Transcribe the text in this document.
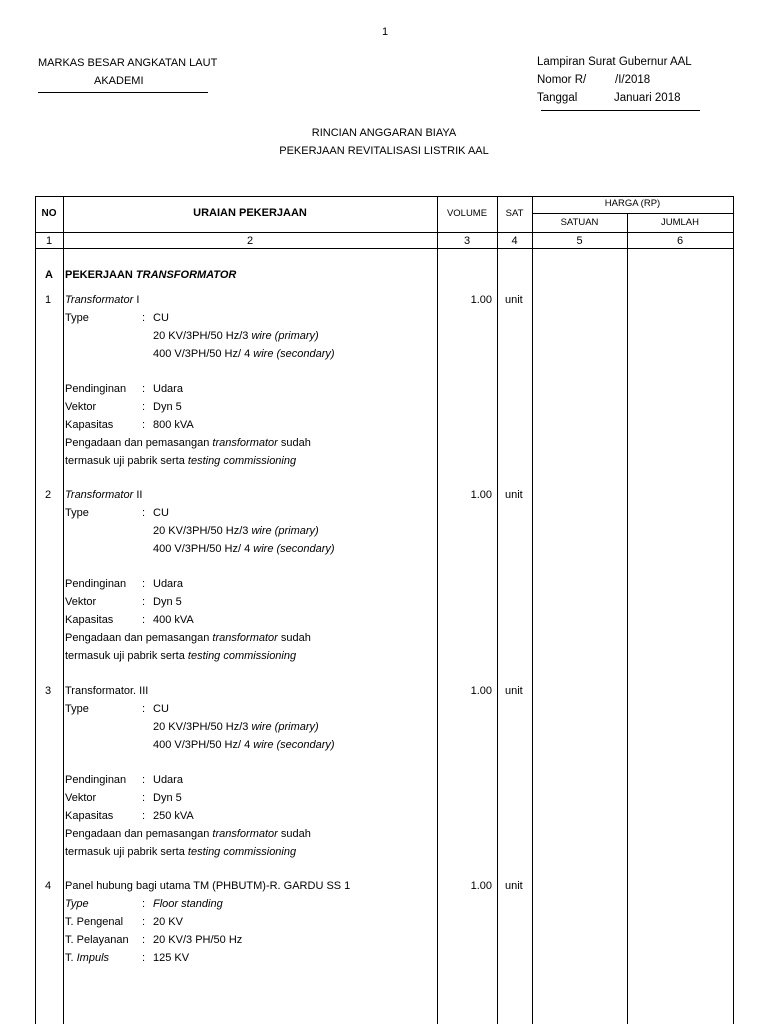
1
MARKAS BESAR ANGKATAN LAUT
AKADEMI
Lampiran Surat Gubernur AAL
Nomor R/	/I/2018
Tanggal	Januari 2018
RINCIAN ANGGARAN BIAYA
PEKERJAAN REVITALISASI LISTRIK AAL
NO	URAIAN PEKERJAAN	VOLUME	SAT
HARGA (RP)
SATUAN	JUMLAH
1	2	3	4	5	6
A PEKERJAAN TRANSFORMATOR
1 Transformator I	1.00 unit
Type	: CU
20 KV/3PH/50 Hz/3 wire (primary)
400 V/3PH/50 Hz/ 4 wire (secondary)
Pendinginan : Udara
Vektor	: Dyn 5
Kapasitas	: 800 kVA
Pengadaan dan pemasangan transformator sudah
termasuk uji pabrik serta testing commissioning
2 Transformator II	1.00 unit
Type	: CU
20 KV/3PH/50 Hz/3 wire (primary)
400 V/3PH/50 Hz/ 4 wire (secondary)
Pendinginan : Udara
Vektor	: Dyn 5
Kapasitas	: 400 kVA
Pengadaan dan pemasangan transformator sudah
termasuk uji pabrik serta testing commissioning
3 Transformator. III	1.00 unit
Type	: CU
20 KV/3PH/50 Hz/3 wire (primary)
400 V/3PH/50 Hz/ 4 wire (secondary)
Pendinginan : Udara
Vektor	: Dyn 5
Kapasitas	: 250 kVA
Pengadaan dan pemasangan transformator sudah
termasuk uji pabrik serta testing commissioning
4 Panel hubung bagi utama TM (PHBUTM)-R. GARDU SS 1	1.00 unit
Type	: Floor standing
T. Pengenal : 20 KV
T. Pelayanan : 20 KV/3 PH/50 Hz
T. Impuls	: 125 KV
